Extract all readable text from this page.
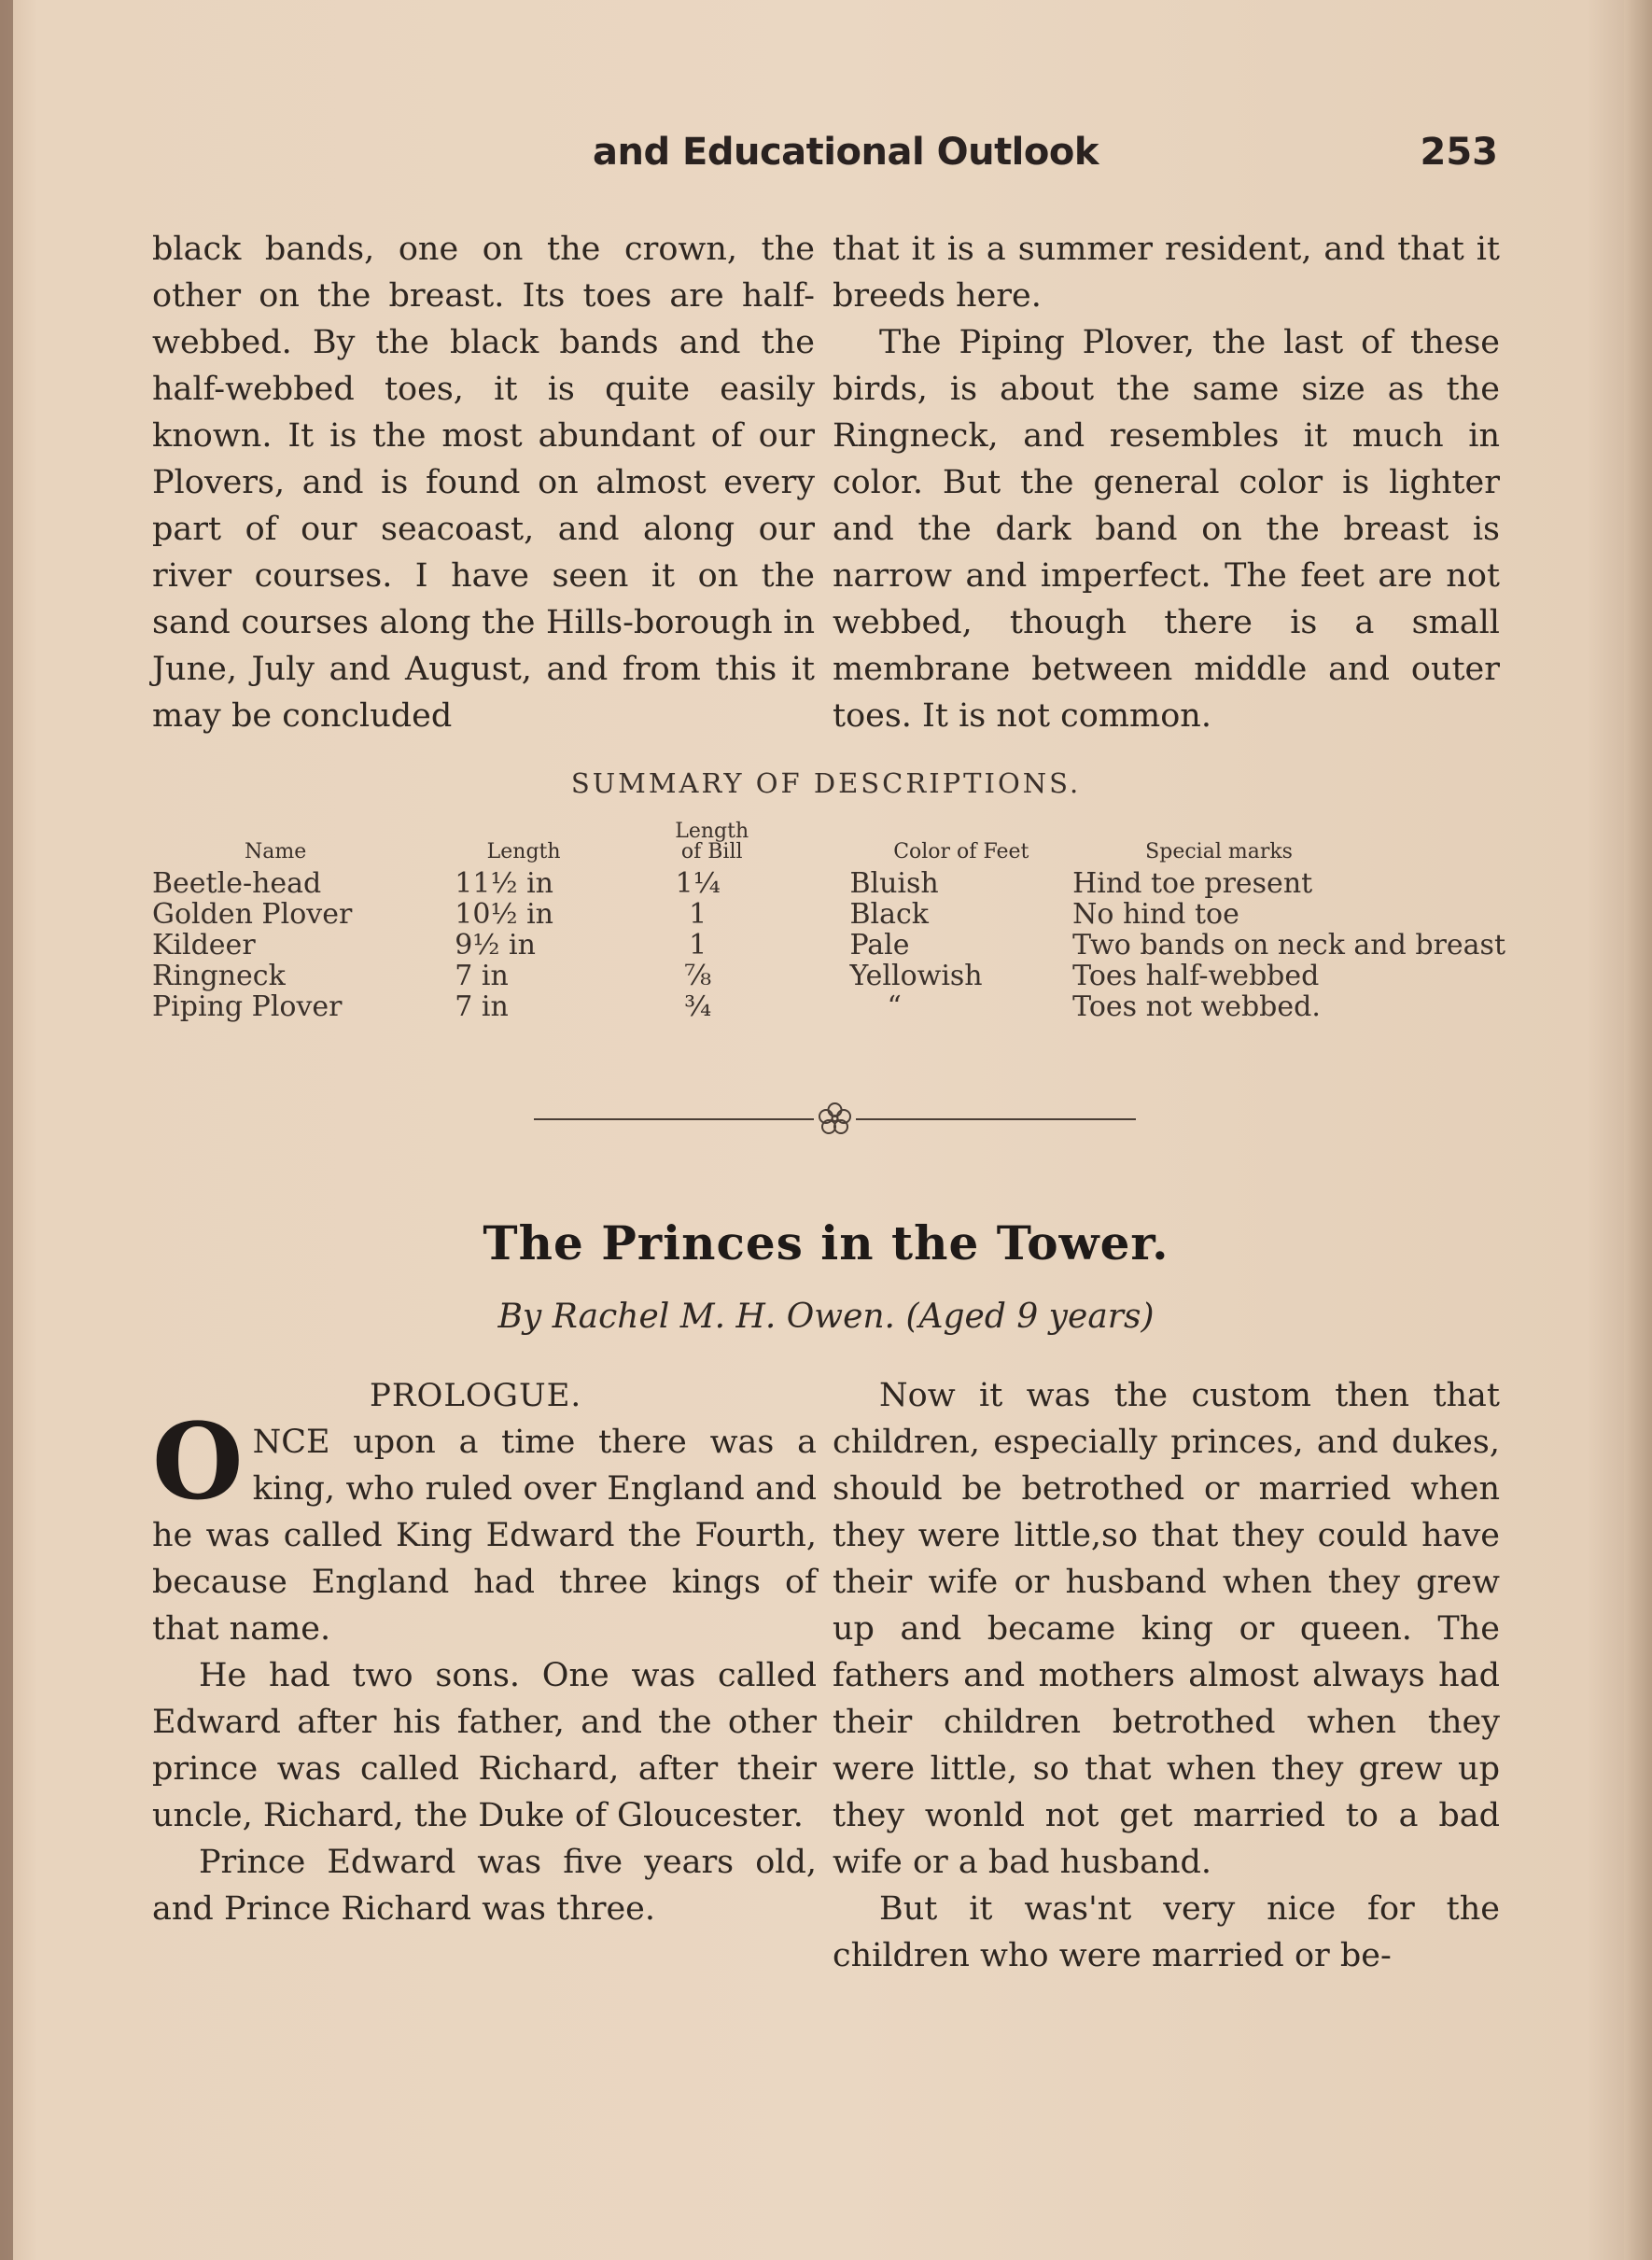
and Educational Outlook	253

black bands, one on the crown, the other on the breast. Its toes are half-webbed. By the black bands and the half-webbed toes, it is quite easily known. It is the most abundant of our Plovers, and is found on almost every part of our seacoast, and along our river courses. I have seen it on the sand courses along the Hills-borough in June, July and August, and from this it may be concluded

that it is a summer resident, and that it breeds here.

The Piping Plover, the last of these birds, is about the same size as the Ringneck, and resembles it much in color. But the general color is lighter and the dark band on the breast is narrow and imperfect. The feet are not webbed, though there is a small membrane between middle and outer toes. It is not common.

SUMMARY OF DESCRIPTIONS.
Name	Length	Length of Bill	Color of Feet	Special marks
Beetle-head	11½ in	1¼	Bluish	Hind toe present
Golden Plover	10½ in	1	Black	No hind toe
Kildeer	9½ in	1	Pale	Two bands on neck and breast
Ringneck	7 in	⅞	Yellowish	Toes half-webbed
Piping Plover	7 in	¾	“	Toes not webbed.
The Princes in the Tower.
By Rachel M. H. Owen. (Aged 9 years)

PROLOGUE.

ONCE upon a time there was a king, who ruled over England and he was called King Edward the Fourth, because England had three kings of that name.

He had two sons. One was called Edward after his father, and the other prince was called Richard, after their uncle, Richard, the Duke of Gloucester.

Prince Edward was five years old, and Prince Richard was three.

Now it was the custom then that children, especially princes, and dukes, should be betrothed or married when they were little,so that they could have their wife or husband when they grew up and became king or queen. The fathers and mothers almost always had their children betrothed when they were little, so that when they grew up they wonld not get married to a bad wife or a bad husband.

But it was'nt very nice for the children who were married or be-
